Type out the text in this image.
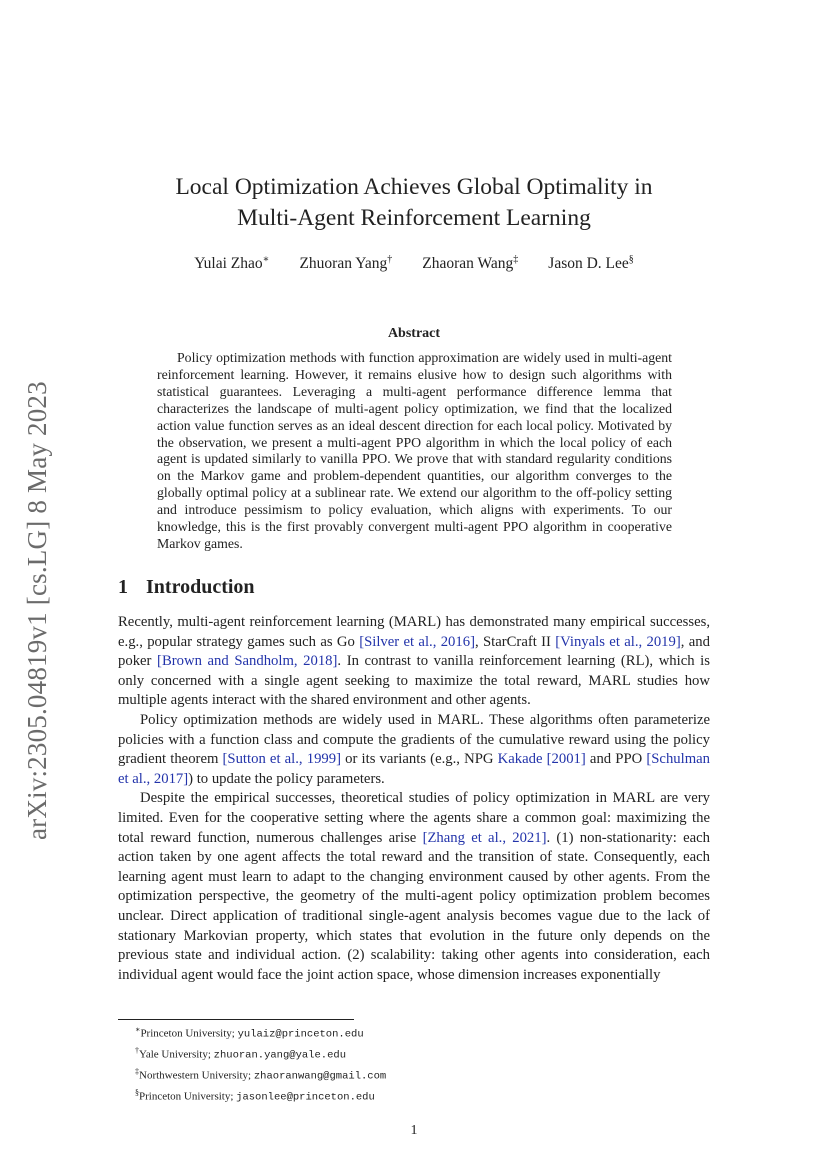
arXiv:2305.04819v1 [cs.LG] 8 May 2023
Local Optimization Achieves Global Optimality in
Multi-Agent Reinforcement Learning
Yulai Zhao∗ Zhuoran Yang† Zhaoran Wang‡ Jason D. Lee§
Abstract

Policy optimization methods with function approximation are widely used in multi-agent reinforcement learning. However, it remains elusive how to design such algorithms with statistical guarantees. Leveraging a multi-agent performance difference lemma that characterizes the landscape of multi-agent policy optimization, we find that the localized action value function serves as an ideal descent direction for each local policy. Motivated by the observation, we present a multi-agent PPO algorithm in which the local policy of each agent is updated similarly to vanilla PPO. We prove that with standard regularity conditions on the Markov game and problem-dependent quantities, our algorithm converges to the globally optimal policy at a sublinear rate. We extend our algorithm to the off-policy setting and introduce pessimism to policy evaluation, which aligns with experiments. To our knowledge, this is the first provably convergent multi-agent PPO algorithm in cooperative Markov games.

1 Introduction

Recently, multi-agent reinforcement learning (MARL) has demonstrated many empirical successes, e.g., popular strategy games such as Go [Silver et al., 2016], StarCraft II [Vinyals et al., 2019], and poker [Brown and Sandholm, 2018]. In contrast to vanilla reinforcement learning (RL), which is only concerned with a single agent seeking to maximize the total reward, MARL studies how multiple agents interact with the shared environment and other agents.

Policy optimization methods are widely used in MARL. These algorithms often parameterize policies with a function class and compute the gradients of the cumulative reward using the policy gradient theorem [Sutton et al., 1999] or its variants (e.g., NPG Kakade [2001] and PPO [Schulman et al., 2017]) to update the policy parameters.

Despite the empirical successes, theoretical studies of policy optimization in MARL are very limited. Even for the cooperative setting where the agents share a common goal: maximizing the total reward function, numerous challenges arise [Zhang et al., 2021]. (1) non-stationarity: each action taken by one agent affects the total reward and the transition of state. Consequently, each learning agent must learn to adapt to the changing environment caused by other agents. From the optimization perspective, the geometry of the multi-agent policy optimization problem becomes unclear. Direct application of traditional single-agent analysis becomes vague due to the lack of stationary Markovian property, which states that evolution in the future only depends on the previous state and individual action. (2) scalability: taking other agents into consideration, each individual agent would face the joint action space, whose dimension increases exponentially

∗Princeton University; yulaiz@princeton.edu
†Yale University; zhuoran.yang@yale.edu
‡Northwestern University; zhaoranwang@gmail.com
§Princeton University; jasonlee@princeton.edu
1
